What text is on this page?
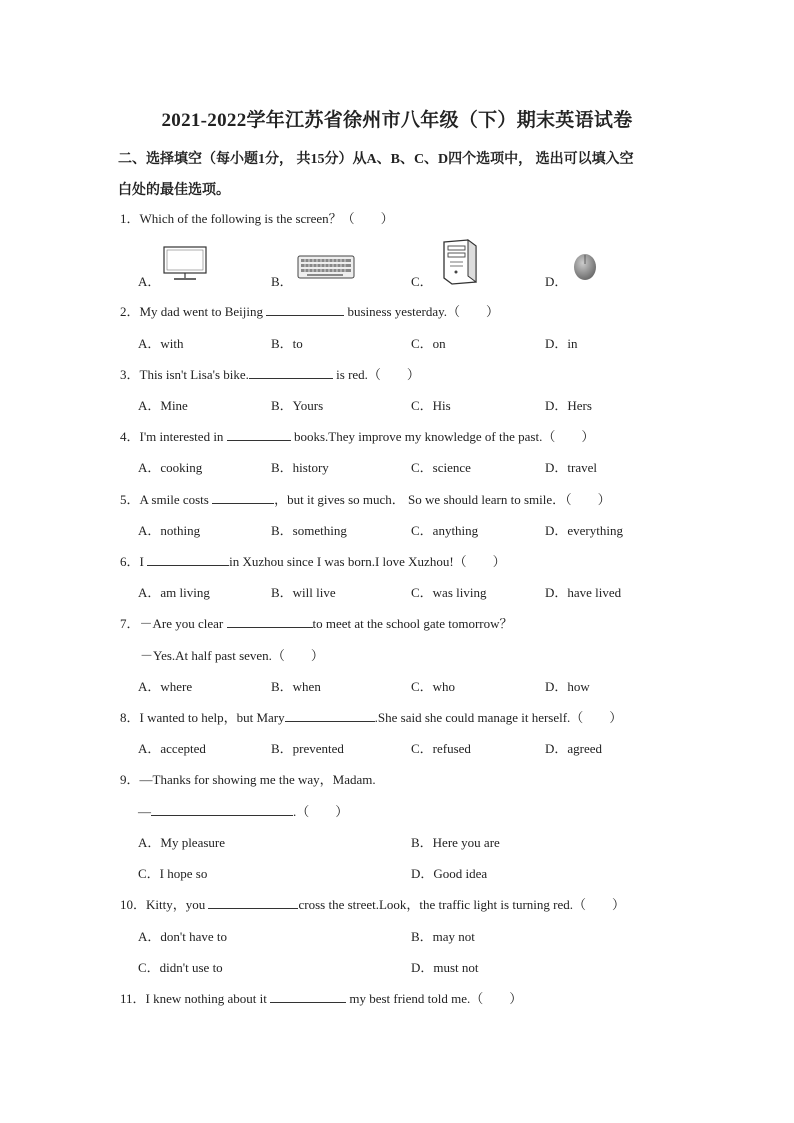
2021-2022学年江苏省徐州市八年级（下）期末英语试卷
二、选择填空（每小题1分， 共15分）从A、B、C、D四个选项中， 选出可以填入空
白处的最佳选项。
1．Which of the following is the screen？（　　）
A．	B．	C．	D．
2．My dad went to Beijing	business yesterday.（　　）
A．with	B．to	C．on	D．in
3．This isn't Lisa's bike.	is red.（　　）
A．Mine	B．Yours	C．His	D．Hers
4．I'm interested in	books.They improve my knowledge of the past.（　　）
A．cooking	B．history	C．science	D．travel
5．A smile costs	，but it gives so much． So we should learn to smile．（　　）
A．nothing	B．something	C．anything	D．everything
6．I	in Xuzhou since I was born.I love Xuzhou!（　　）
A．am living	B．will live	C．was living	D．have lived
7．－Are you clear	to meet at the school gate tomorrow？
－Yes.At half past seven.（　　）
A．where	B．when	C．who	D．how
8．I wanted to help，but Mary	.She said she could manage it herself.（　　）
A．accepted	B．prevented	C．refused	D．agreed
9．—Thanks for showing me the way，Madam.
—	.（　　）
A．My pleasure	B．Here you are
C．I hope so	D．Good idea
10．Kitty，you	cross the street.Look，the traffic light is turning red.（　　）
A．don't have to	B．may not
C．didn't use to	D．must not
11．I knew nothing about it	my best friend told me.（　　）
